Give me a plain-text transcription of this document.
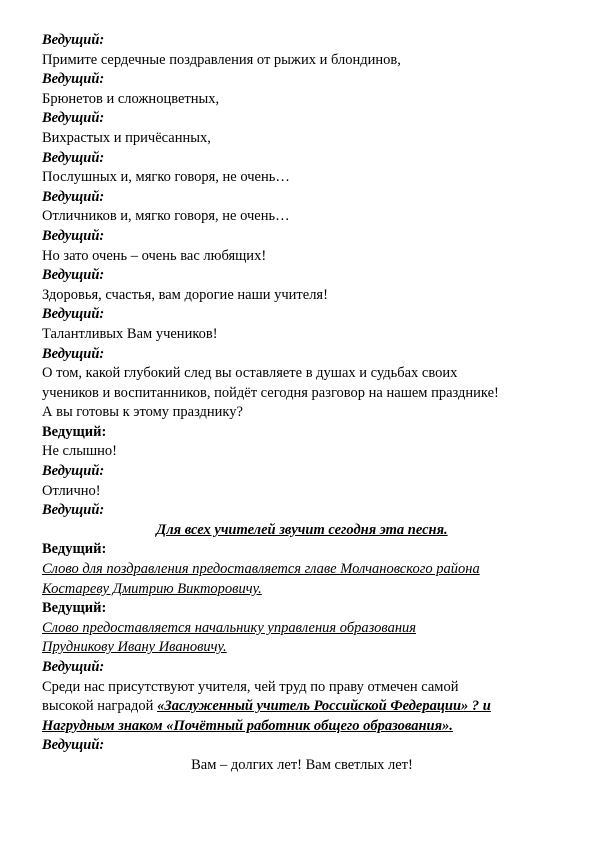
Ведущий:
Примите сердечные поздравления от рыжих и блондинов,
Ведущий:
Брюнетов и сложноцветных,
Ведущий:
Вихрастых и причёсанных,
Ведущий:
Послушных и, мягко говоря, не очень…
Ведущий:
Отличников и, мягко говоря, не очень…
Ведущий:
Но зато очень – очень вас любящих!
Ведущий:
Здоровья, счастья, вам дорогие наши учителя!
Ведущий:
Талантливых Вам учеников!
Ведущий:
О том, какой глубокий след вы оставляете в душах и судьбах своих
учеников и воспитанников, пойдёт сегодня разговор на нашем празднике!
А вы готовы к этому празднику?
Ведущий:
Не слышно!
Ведущий:
Отлично!
Ведущий:
Для всех учителей звучит сегодня эта песня.
Ведущий:
Слово для поздравления предоставляется главе Молчановского района
Костареву Дмитрию Викторовичу.
Ведущий:
Слово предоставляется начальнику управления образования
Прудникову Ивану Ивановичу.
Ведущий:
Среди нас присутствуют учителя, чей труд по праву отмечен самой
высокой наградой «Заслуженный учитель Российской Федерации» ? и
Нагрудным знаком «Почётный работник общего образования».
Ведущий:
Вам – долгих лет! Вам светлых лет!
